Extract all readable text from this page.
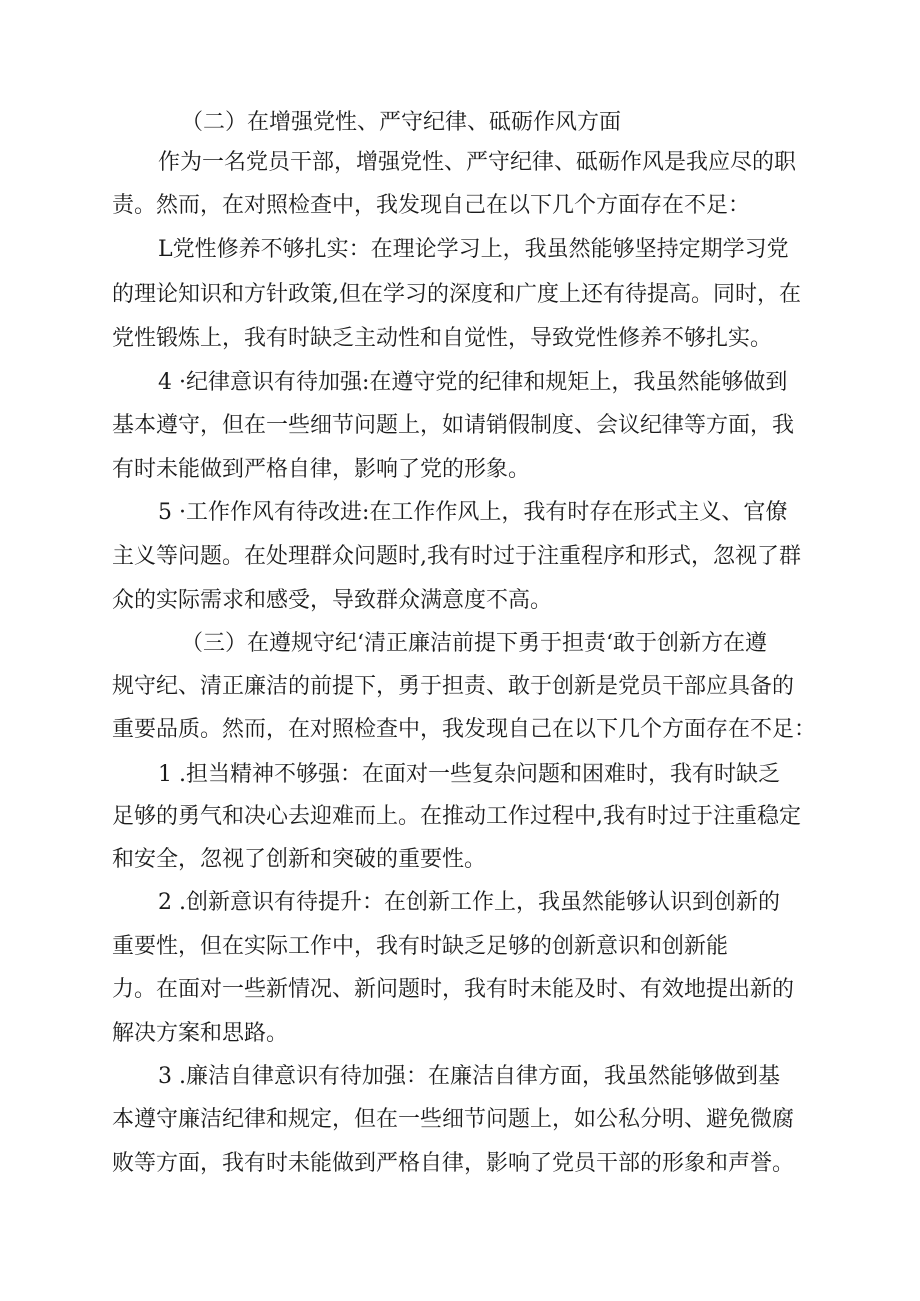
（二）在增强党性、严守纪律、砥砺作风方面
作为一名党员干部，增强党性、严守纪律、砥砺作风是我应尽的职
责。然而，在对照检查中，我发现自己在以下几个方面存在不足：
L党性修养不够扎实：在理论学习上，我虽然能够坚持定期学习党
的理论知识和方针政策,但在学习的深度和广度上还有待提高。同时，在
党性锻炼上，我有时缺乏主动性和自觉性，导致党性修养不够扎实。
4 ·纪律意识有待加强:在遵守党的纪律和规矩上，我虽然能够做到
基本遵守，但在一些细节问题上，如请销假制度、会议纪律等方面，我
有时未能做到严格自律，影响了党的形象。
5 ·工作作风有待改进:在工作作风上，我有时存在形式主义、官僚
主义等问题。在处理群众问题时,我有时过于注重程序和形式，忽视了群
众的实际需求和感受，导致群众满意度不高。
（三）在遵规守纪‘清正廉洁前提下勇于担责‘敢于创新方在遵
规守纪、清正廉洁的前提下，勇于担责、敢于创新是党员干部应具备的
重要品质。然而，在对照检查中，我发现自己在以下几个方面存在不足：
1 .担当精神不够强：在面对一些复杂问题和困难时，我有时缺乏
足够的勇气和决心去迎难而上。在推动工作过程中,我有时过于注重稳定
和安全，忽视了创新和突破的重要性。
2 .创新意识有待提升：在创新工作上，我虽然能够认识到创新的
重要性，但在实际工作中，我有时缺乏足够的创新意识和创新能
力。在面对一些新情况、新问题时，我有时未能及时、有效地提出新的
解决方案和思路。
3 .廉洁自律意识有待加强：在廉洁自律方面，我虽然能够做到基
本遵守廉洁纪律和规定，但在一些细节问题上，如公私分明、避免微腐
败等方面，我有时未能做到严格自律，影响了党员干部的形象和声誉。
